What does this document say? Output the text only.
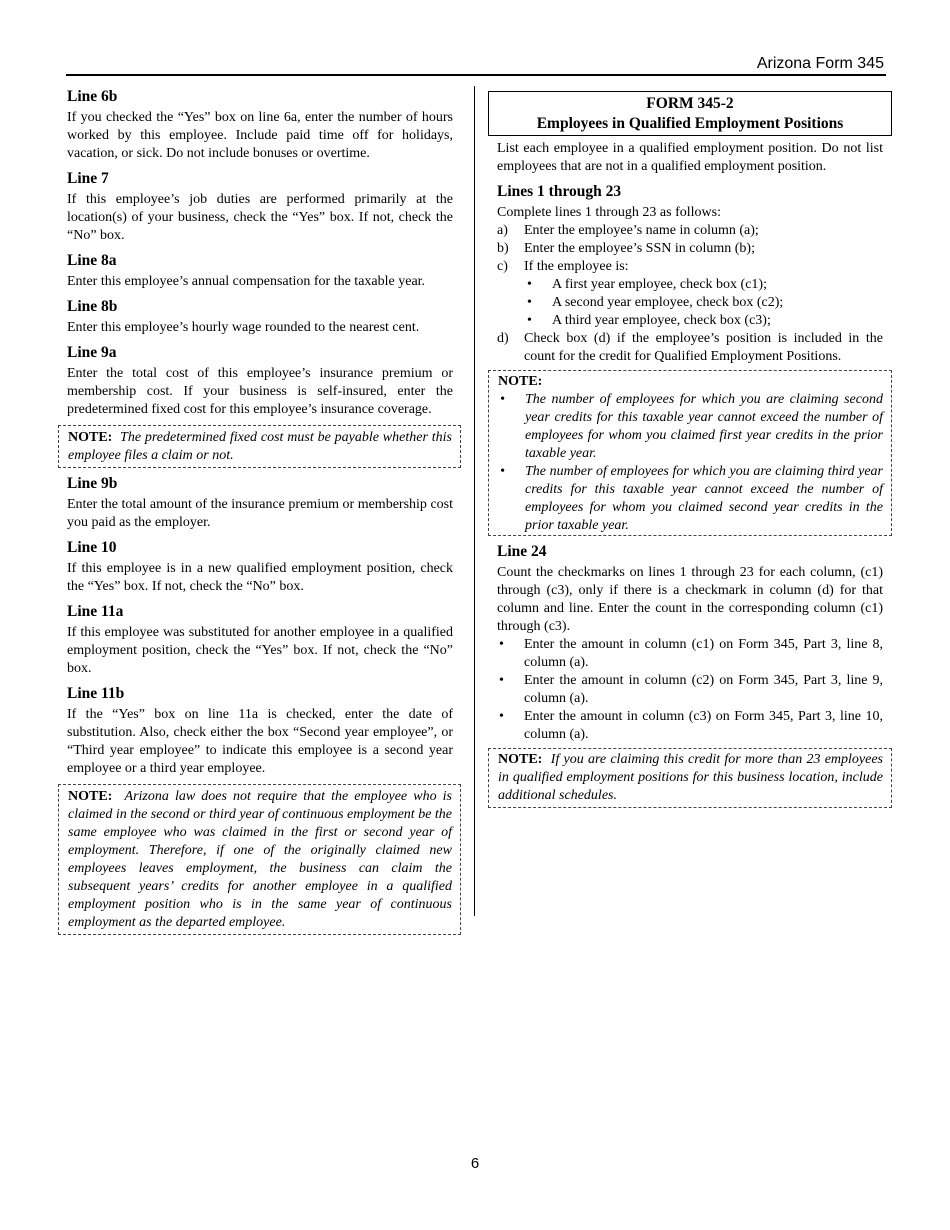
Arizona Form 345
Line 6b

If you checked the “Yes” box on line 6a, enter the number of hours worked by this employee. Include paid time off for holidays, vacation, or sick. Do not include bonuses or overtime.

Line 7

If this employee’s job duties are performed primarily at the location(s) of your business, check the “Yes” box. If not, check the “No” box.

Line 8a

Enter this employee’s annual compensation for the taxable year.

Line 8b

Enter this employee’s hourly wage rounded to the nearest cent.

Line 9a

Enter the total cost of this employee’s insurance premium or membership cost. If your business is self-insured, enter the predetermined fixed cost for this employee’s insurance coverage.

NOTE:  The predetermined fixed cost must be payable whether this employee files a claim or not.
Line 9b

Enter the total amount of the insurance premium or membership cost you paid as the employer.

Line 10

If this employee is in a new qualified employment position, check the “Yes” box. If not, check the “No” box.

Line 11a

If this employee was substituted for another employee in a qualified employment position, check the “Yes” box. If not, check the “No” box.

Line 11b

If the “Yes” box on line 11a is checked, enter the date of substitution. Also, check either the box “Second year employee”, or “Third year employee” to indicate this employee is a second year employee or a third year employee.

NOTE:  Arizona law does not require that the employee who is claimed in the second or third year of continuous employment be the same employee who was claimed in the first or second year of employment. Therefore, if one of the originally claimed new employees leaves employment, the business can claim the subsequent years’ credits for another employee in a qualified employment position who is in the same year of continuous employment as the departed employee.
FORM 345-2
Employees in Qualified Employment Positions

List each employee in a qualified employment position. Do not list employees that are not in a qualified employment position.

Lines 1 through 23
Complete lines 1 through 23 as follows:
a) Enter the employee’s name in column (a);
b) Enter the employee’s SSN in column (b);
c) If the employee is:
• A first year employee, check box (c1);
• A second year employee, check box (c2);
• A third year employee, check box (c3);
d) Check box (d) if the employee’s position is included in the count for the credit for Qualified Employment Positions.
NOTE:
• The number of employees for which you are claiming second year credits for this taxable year cannot exceed the number of employees for whom you claimed first year credits in the prior taxable year.
• The number of employees for which you are claiming third year credits for this taxable year cannot exceed the number of employees for whom you claimed second year credits in the prior taxable year.
Line 24

Count the checkmarks on lines 1 through 23 for each column, (c1) through (c3), only if there is a checkmark in column (d) for that column and line. Enter the count in the corresponding column (c1) through (c3).

• Enter the amount in column (c1) on Form 345, Part 3, line 8, column (a).
• Enter the amount in column (c2) on Form 345, Part 3, line 9, column (a).
• Enter the amount in column (c3) on Form 345, Part 3, line 10, column (a).
NOTE:  If you are claiming this credit for more than 23 employees in qualified employment positions for this business location, include additional schedules.
6
